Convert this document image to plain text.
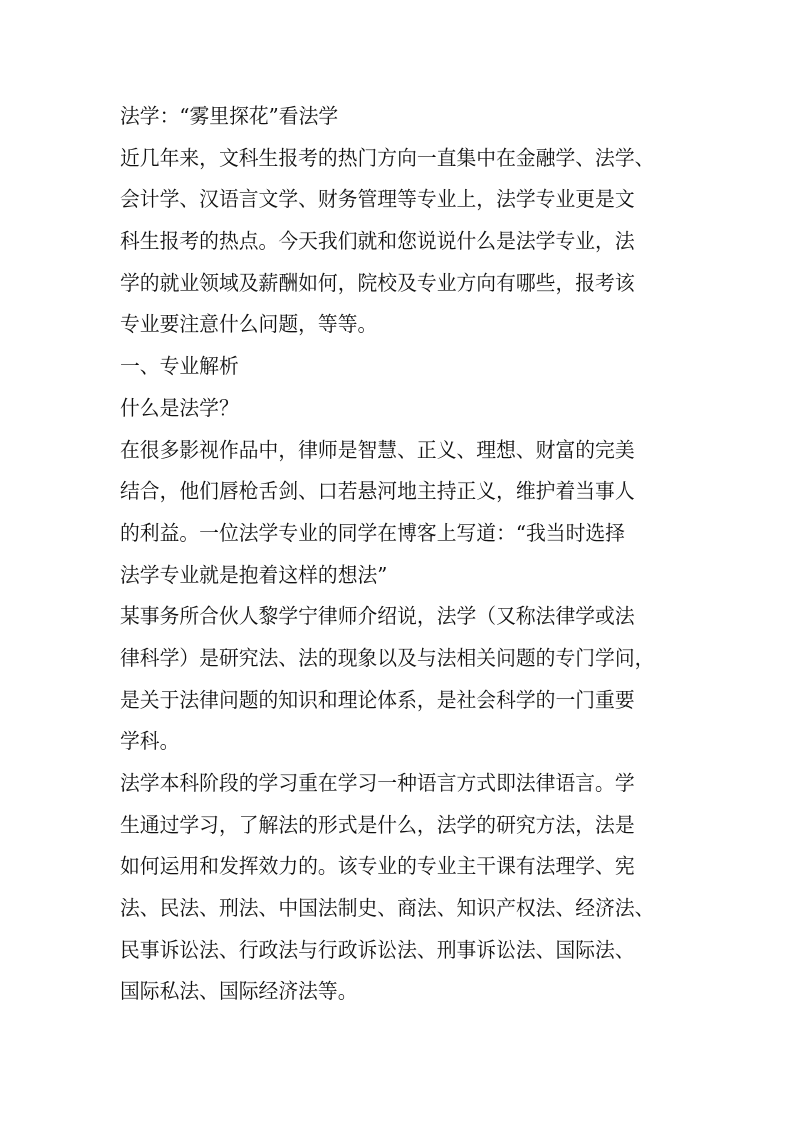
法学：“雾里探花”看法学
近几年来，文科生报考的热门方向一直集中在金融学、法学、
会计学、汉语言文学、财务管理等专业上，法学专业更是文
科生报考的热点。今天我们就和您说说什么是法学专业，法
学的就业领域及薪酬如何，院校及专业方向有哪些，报考该
专业要注意什么问题，等等。
一、专业解析
什么是法学？
在很多影视作品中，律师是智慧、正义、理想、财富的完美
结合，他们唇枪舌剑、口若悬河地主持正义，维护着当事人
的利益。一位法学专业的同学在博客上写道：“我当时选择
法学专业就是抱着这样的想法”
某事务所合伙人黎学宁律师介绍说，法学（又称法律学或法
律科学）是研究法、法的现象以及与法相关问题的专门学问，
是关于法律问题的知识和理论体系，是社会科学的一门重要
学科。
法学本科阶段的学习重在学习一种语言方式即法律语言。学
生通过学习，了解法的形式是什么，法学的研究方法，法是
如何运用和发挥效力的。该专业的专业主干课有法理学、宪
法、民法、刑法、中国法制史、商法、知识产权法、经济法、
民事诉讼法、行政法与行政诉讼法、刑事诉讼法、国际法、
国际私法、国际经济法等。
